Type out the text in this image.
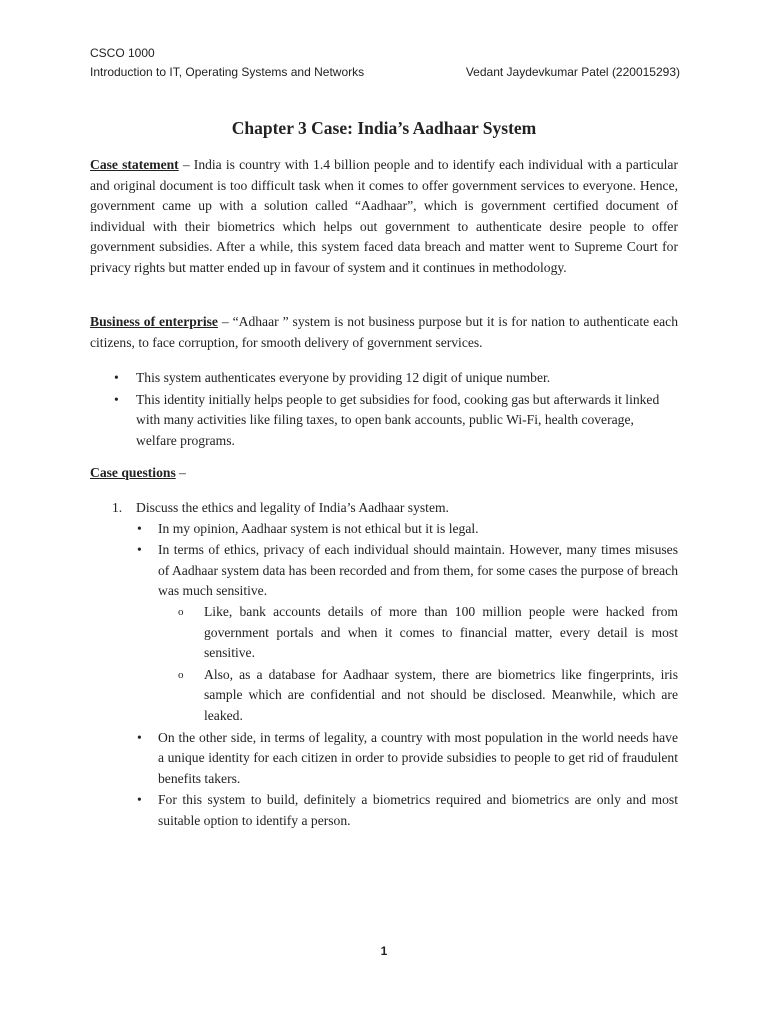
CSCO 1000
Introduction to IT, Operating Systems and Networks	Vedant Jaydevkumar Patel (220015293)
Chapter 3 Case: India’s Aadhaar System

Case statement – India is country with 1.4 billion people and to identify each individual with a particular and original document is too difficult task when it comes to offer government services to everyone. Hence, government came up with a solution called “Aadhaar”, which is government certified document of individual with their biometrics which helps out government to authenticate desire people to offer government subsidies. After a while, this system faced data breach and matter went to Supreme Court for privacy rights but matter ended up in favour of system and it continues in methodology.

Business of enterprise – “Adhaar ” system is not business purpose but it is for nation to authenticate each citizens, to face corruption, for smooth delivery of government services.

• This system authenticates everyone by providing 12 digit of unique number.
• This identity initially helps people to get subsidies for food, cooking gas but afterwards it linked with many activities like filing taxes, to open bank accounts, public Wi-Fi, health coverage, welfare programs.

Case questions –

1. Discuss the ethics and legality of India’s Aadhaar system.
• In my opinion, Aadhaar system is not ethical but it is legal.
• In terms of ethics, privacy of each individual should maintain. However, many times misuses of Aadhaar system data has been recorded and from them, for some cases the purpose of breach was much sensitive.
o Like, bank accounts details of more than 100 million people were hacked from government portals and when it comes to financial matter, every detail is most sensitive.
o Also, as a database for Aadhaar system, there are biometrics like fingerprints, iris sample which are confidential and not should be disclosed. Meanwhile, which are leaked.
• On the other side, in terms of legality, a country with most population in the world needs have a unique identity for each citizen in order to provide subsidies to people to get rid of fraudulent benefits takers.
• For this system to build, definitely a biometrics required and biometrics are only and most suitable option to identify a person.
1
